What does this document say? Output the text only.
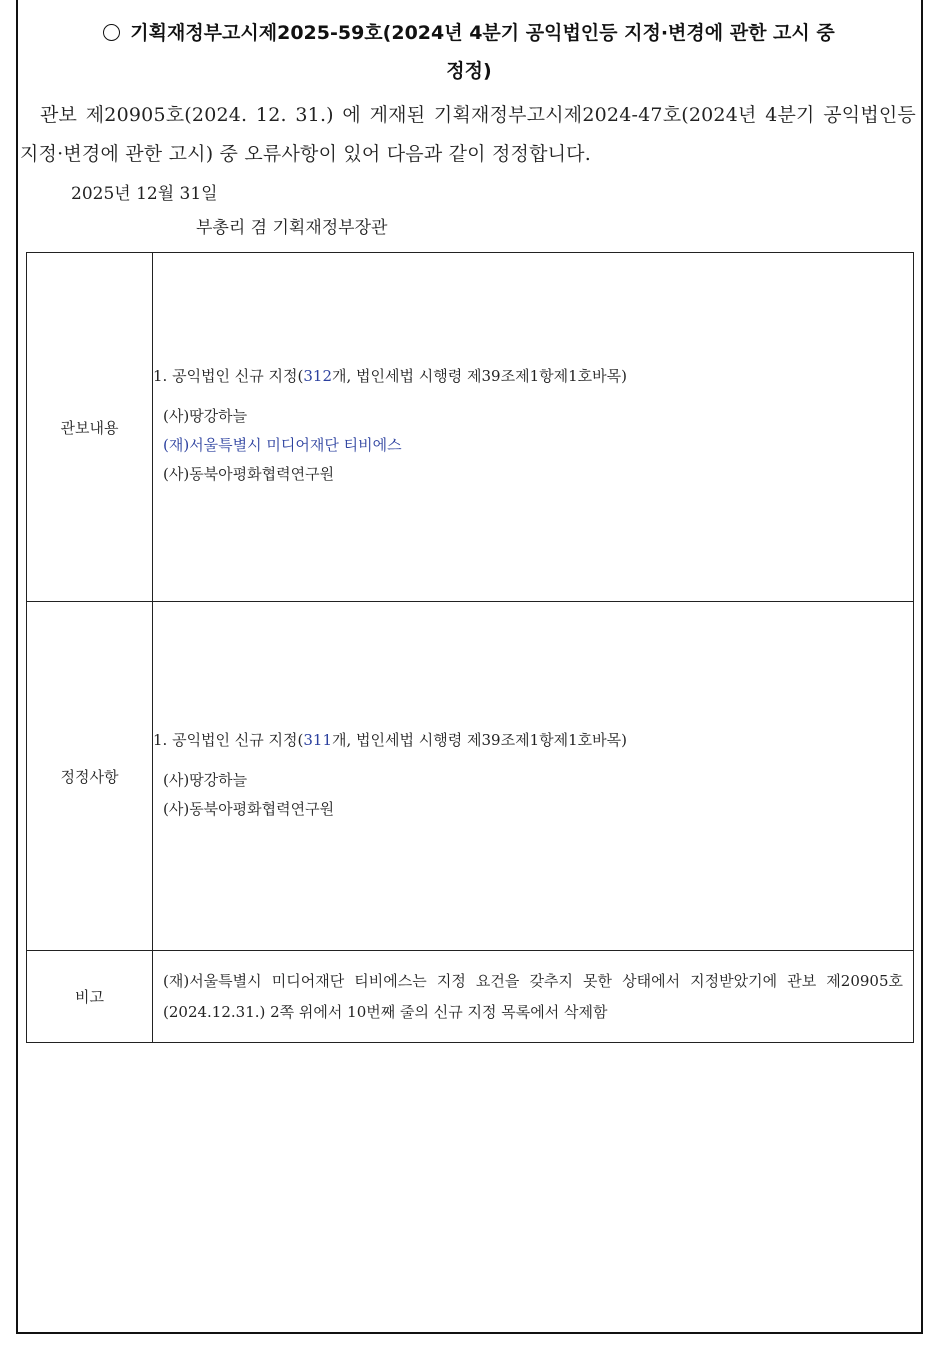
기획재정부고시제2025-59호(2024년 4분기 공익법인등 지정·변경에 관한 고시 중
정정)
관보 제20905호(2024. 12. 31.) 에 게재된 기획재정부고시제2024-47호(2024년 4분기 공익법인등 지정·변경에 관한 고시) 중 오류사항이 있어 다음과 같이 정정합니다.
2025년 12월 31일
부총리 겸 기획재정부장관
관보내용	1. 공익법인 신규 지정(312개, 법인세법 시행령 제39조제1항제1호바목)
(사)땅강하늘
(재)서울특별시 미디어재단 티비에스
(사)동북아평화협력연구원

정정사항	1. 공익법인 신규 지정(311개, 법인세법 시행령 제39조제1항제1호바목)
(사)땅강하늘
(사)동북아평화협력연구원

비고	(재)서울특별시 미디어재단 티비에스는 지정 요건을 갖추지 못한 상태에서 지정받았기에 관보 제20905호(2024.12.31.) 2쪽 위에서 10번째 줄의 신규 지정 목록에서 삭제함
